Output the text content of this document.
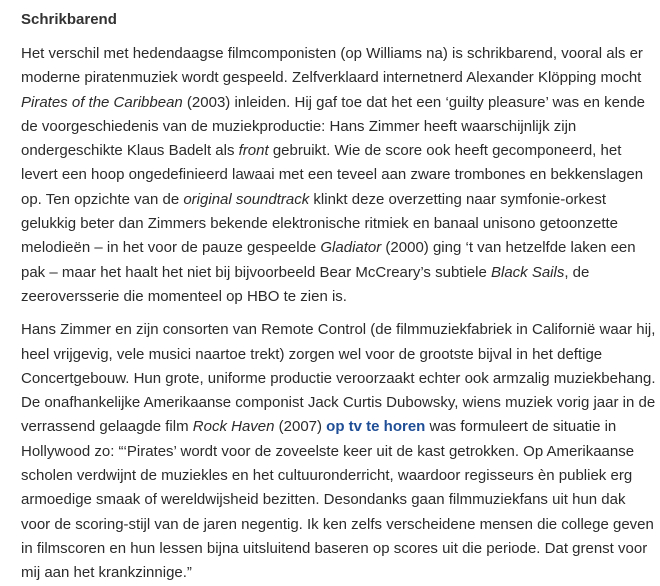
Schrikbarend

Het verschil met hedendaagse filmcomponisten (op Williams na) is schrikbarend, vooral als er moderne piratenmuziek wordt gespeeld. Zelfverklaard internetnerd Alexander Klöpping mocht Pirates of the Caribbean (2003) inleiden. Hij gaf toe dat het een ‘guilty pleasure’ was en kende de voorgeschiedenis van de muziekproductie: Hans Zimmer heeft waarschijnlijk zijn ondergeschikte Klaus Badelt als front gebruikt. Wie de score ook heeft gecomponeerd, het levert een hoop ongedefinieerd lawaai met een teveel aan zware trombones en bekkenslagen op. Ten opzichte van de original soundtrack klinkt deze overzetting naar symfonie-orkest gelukkig beter dan Zimmers bekende elektronische ritmiek en banaal unisono getoonzette melodieën – in het voor de pauze gespeelde Gladiator (2000) ging ‘t van hetzelfde laken een pak – maar het haalt het niet bij bijvoorbeeld Bear McCreary’s subtiele Black Sails, de zeeroversserie die momenteel op HBO te zien is.

Hans Zimmer en zijn consorten van Remote Control (de filmmuziekfabriek in Californië waar hij, heel vrijgevig, vele musici naartoe trekt) zorgen wel voor de grootste bijval in het deftige Concertgebouw. Hun grote, uniforme productie veroorzaakt echter ook armzalig muziekbehang. De onafhankelijke Amerikaanse componist Jack Curtis Dubowsky, wiens muziek vorig jaar in de verrassend gelaagde film Rock Haven (2007) op tv te horen was formuleert de situatie in Hollywood zo: “‘Pirates’ wordt voor de zoveelste keer uit de kast getrokken. Op Amerikaanse scholen verdwijnt de muziekles en het cultuuronderricht, waardoor regisseurs èn publiek erg armoedige smaak of wereldwijsheid bezitten. Desondanks gaan filmmuziekfans uit hun dak voor de scoring-stijl van de jaren negentig. Ik ken zelfs verscheidene mensen die college geven in filmscoren en hun lessen bijna uitsluitend baseren op scores uit die periode. Dat grenst voor mij aan het krankzinnige.”
